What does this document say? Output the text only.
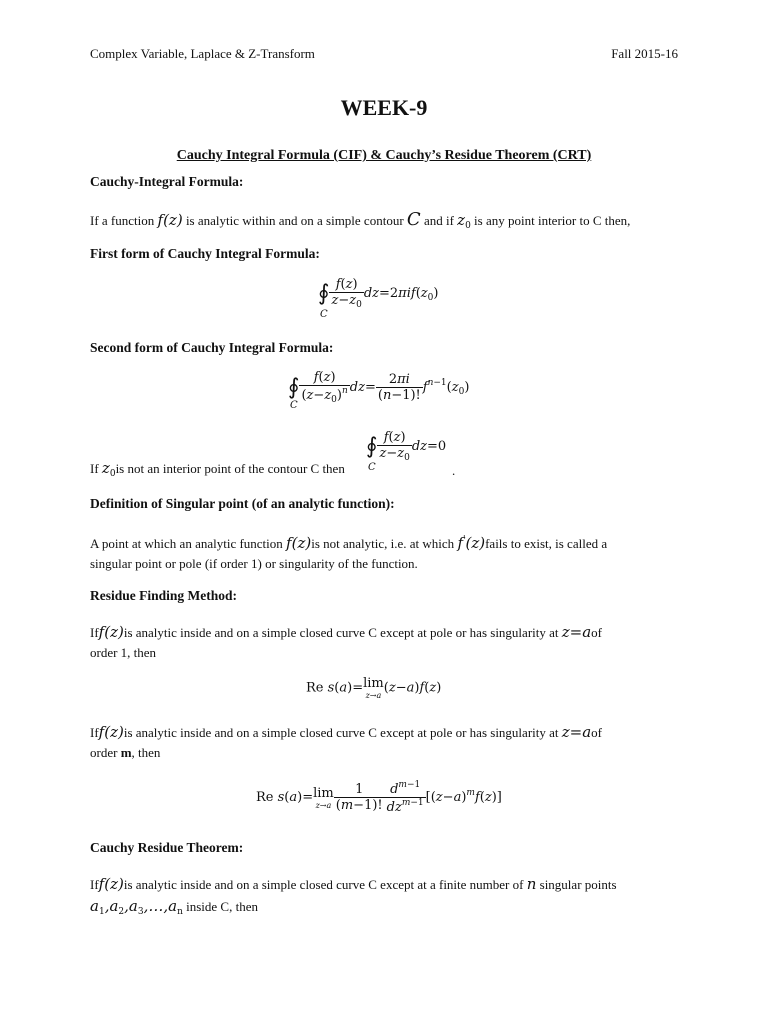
Complex Variable, Laplace & Z-Transform	Fall 2015-16
WEEK-9
Cauchy Integral Formula (CIF) & Cauchy’s Residue Theorem (CRT)
Cauchy-Integral Formula:
If a function f(z) is analytic within and on a simple contour C and if $z_0$ is any point interior to C then,
First form of Cauchy Integral Formula:
∮ $\frac{f(z)}{z-z_0} dz=2\pi if(z_0)$
C
Second form of Cauchy Integral Formula:
∮ $\frac{f(z)}{(z-z_0)^n} dz= \frac{2\pi i}{(n-1)!} f^{n-1}(z_0)$
C
∮ $\frac{f(z)}{z-z_0} dz=0$
C
If $z_0is$ not an interior point of the contour C then	.
Definition of Singular point (of an analytic function):
A point at which an analytic function f(z)is not analytic, i.e. at which f'(z)fails to exist, is called a
singular point or pole (if order 1) or singularity of the function.
Residue Finding Method:
Iff(z)is analytic inside and on a simple closed curve C except at pole or has singularity at z=aof
order 1, then
Re s(a)=lim
z→a (z−a)f(z)
Iff(z)is analytic inside and on a simple closed curve C except at pole or has singularity at z=aof
order m, then
Re s(a)=lim
$z\to a \frac{1}{(m-1)!} \frac{d^{m-1}}{dz^{m-1}} [(z-a)^mf(z)]$
Cauchy Residue Theorem:
Iff(z)is analytic inside and on a simple closed curve C except at a finite number of n singular points
$a_1,a_2,a_3,\dots,a_n$ inside C, then
